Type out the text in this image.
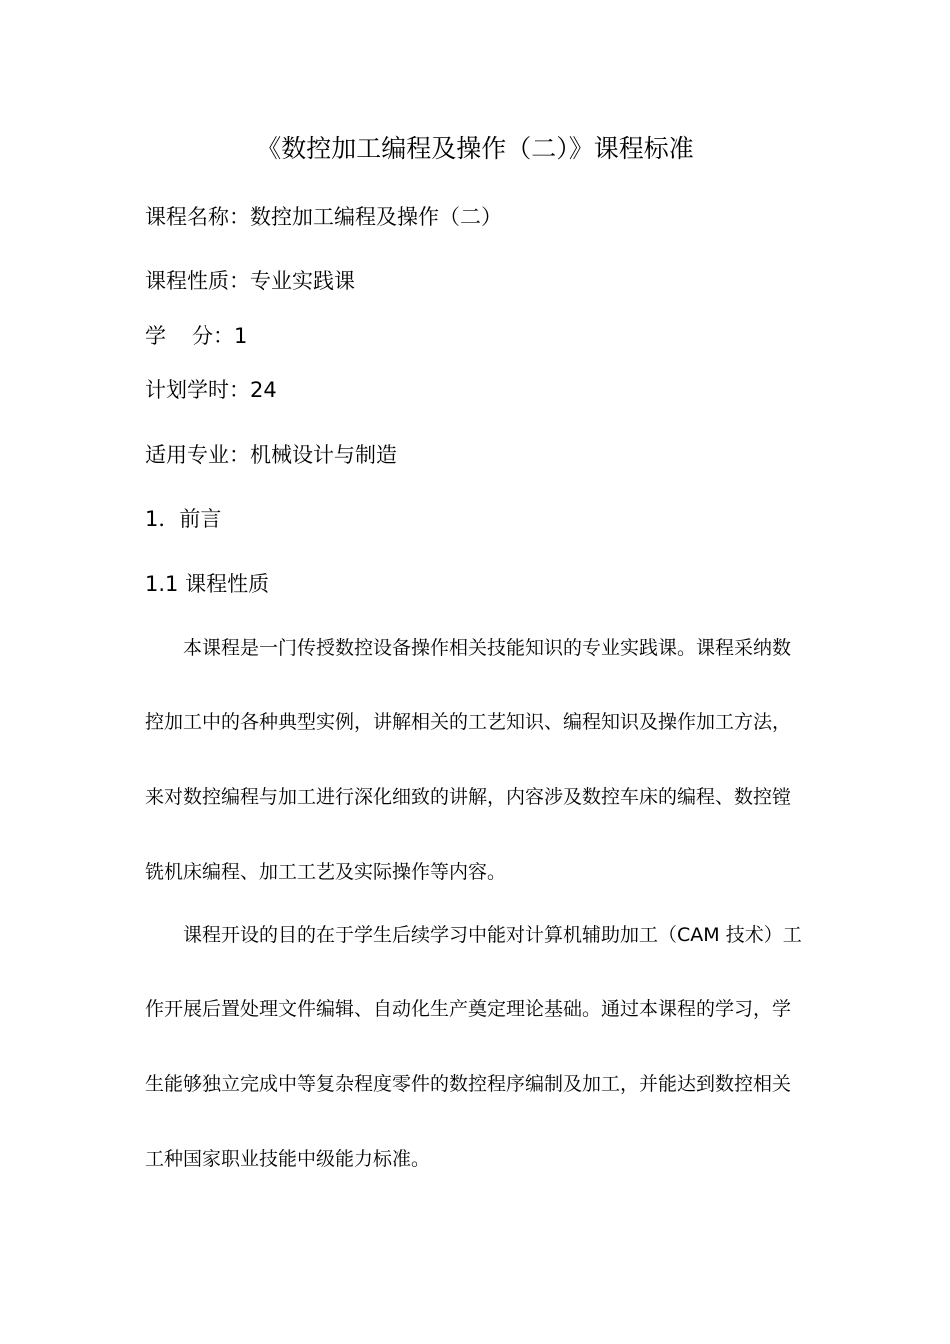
《数控加工编程及操作（二）》课程标准
课程名称：数控加工编程及操作（二）
课程性质：专业实践课
学 分：1
计划学时：24
适用专业：机械设计与制造
1．前言
1.1 课程性质
本课程是一门传授数控设备操作相关技能知识的专业实践课。课程采纳数
控加工中的各种典型实例，讲解相关的工艺知识、编程知识及操作加工方法，
来对数控编程与加工进行深化细致的讲解，内容涉及数控车床的编程、数控镗
铣机床编程、加工工艺及实际操作等内容。
课程开设的目的在于学生后续学习中能对计算机辅助加工（CAM 技术）工
作开展后置处理文件编辑、自动化生产奠定理论基础。通过本课程的学习，学
生能够独立完成中等复杂程度零件的数控程序编制及加工，并能达到数控相关
工种国家职业技能中级能力标准。
